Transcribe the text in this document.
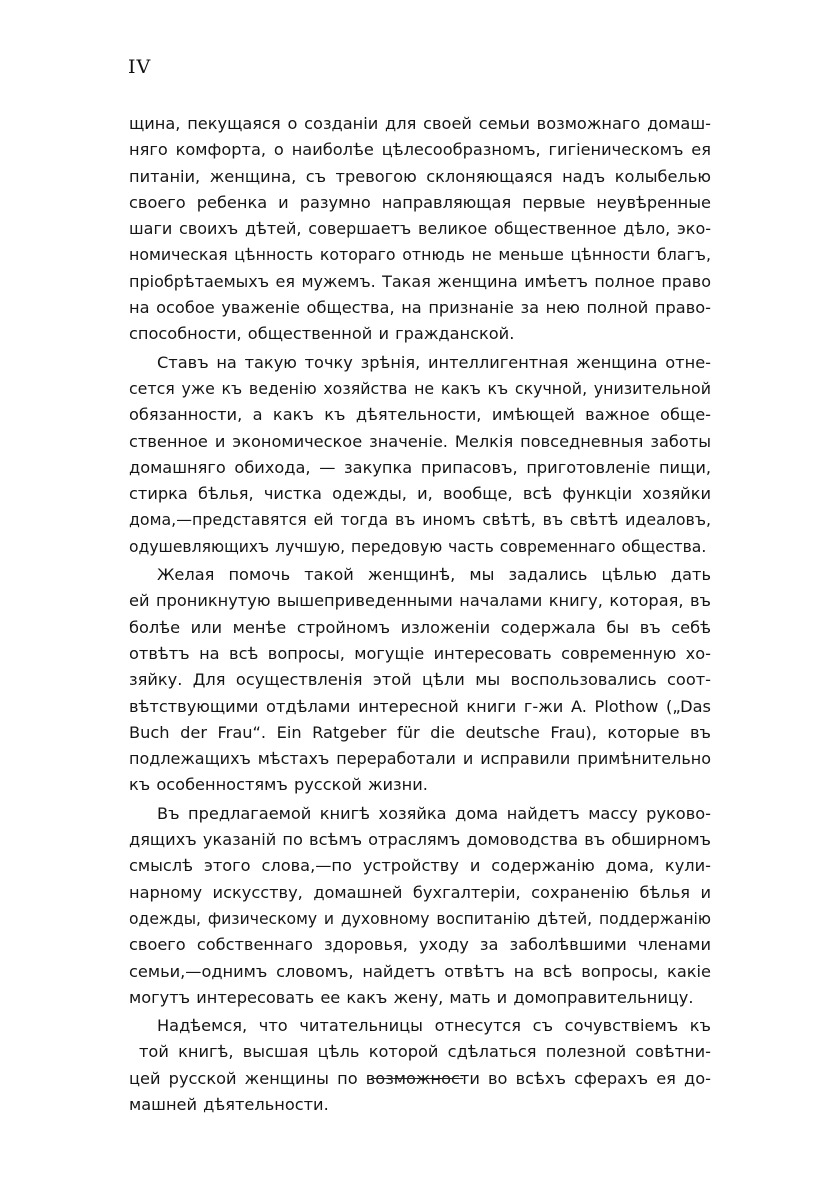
IV
щина, пекущаяся о созданiи для своей семьи возможнаго домаш-
няго комфорта, о наиболѣе цѣлесообразномъ, гигiеническомъ ея
питанiи, женщина, съ тревогою склоняющаяся надъ колыбелью
своего ребенка и разумно направляющая первые неувѣренные
шаги своихъ дѣтей, совершаетъ великое общественное дѣло, эко-
номическая цѣнность котораго отнюдь не меньше цѣнности благъ,
прiобрѣтаемыхъ ея мужемъ. Такая женщина имѣетъ полное право
на особое уваженiе общества, на признанiе за нею полной право-
способности, общественной и гражданской.
Ставъ на такую точку зрѣнiя, интеллигентная женщина отне-
сется уже къ веденiю хозяйства не какъ къ скучной, унизительной
обязанности, а какъ къ дѣятельности, имѣющей важное обще-
ственное и экономическое значенiе. Мелкiя повседневныя заботы
домашняго обихода, — закупка припасовъ, приготовленiе пищи,
стирка бѣлья, чистка одежды, и, вообще, всѣ функцiи хозяйки
дома,—представятся ей тогда въ иномъ свѣтѣ, въ свѣтѣ идеаловъ,
одушевляющихъ лучшую, передовую часть современнаго общества.
Желая помочь такой женщинѣ, мы задались цѣлью дать
ей проникнутую вышеприведенными началами книгу, которая, въ
болѣе или менѣе стройномъ изложенiи содержала бы въ себѣ
отвѣтъ на всѣ вопросы, могущiе интересовать современную хо-
зяйку. Для осуществленiя этой цѣли мы воспользовались соот-
вѣтствующими отдѣлами интересной книги г-жи A. Plothow („Das
Buch der Frau“. Ein Ratgeber für die deutsche Frau), которые въ
подлежащихъ мѣстахъ переработали и исправили примѣнительно
къ особенностямъ русской жизни.
Въ предлагаемой книгѣ хозяйка дома найдетъ массу руково-
дящихъ указанiй по всѣмъ отраслямъ домоводства въ обширномъ
смыслѣ этого слова,—по устройству и содержанiю дома, кули-
нарному искусству, домашней бухгалтерiи, сохраненiю бѣлья и
одежды, физическому и духовному воспитанiю дѣтей, поддержанiю
своего собственнаго здоровья, уходу за заболѣвшими членами
семьи,—однимъ словомъ, найдетъ отвѣтъ на всѣ вопросы, какiе
могутъ интересовать ее какъ жену, мать и домоправительницу.
Надѣемся, что читательницы отнесутся съ сочувствiемъ къ
той книгѣ, высшая цѣль которой сдѣлаться полезной совѣтни-
цей русской женщины по возможности во всѣхъ сферахъ ея до-
машней дѣятельности.
